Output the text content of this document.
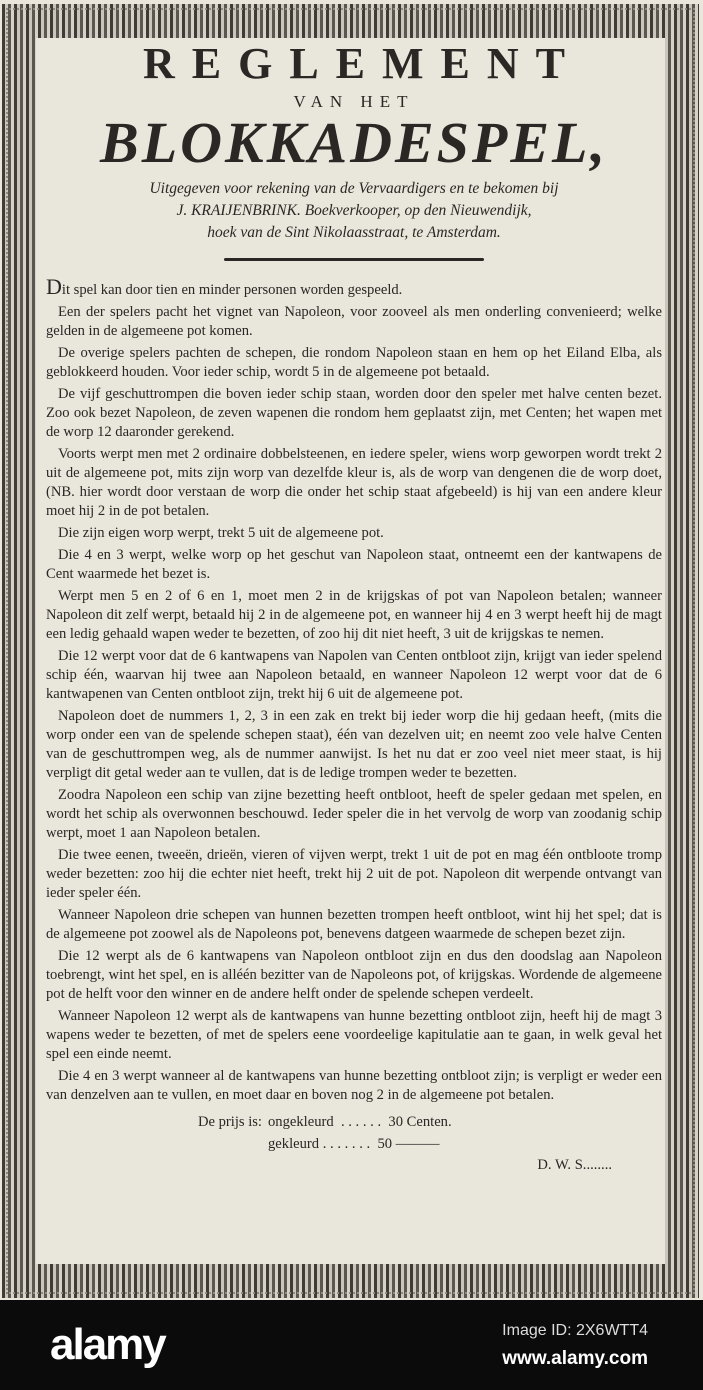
REGLEMENT
VAN HET
BLOKKADESPEL,
Uitgegeven voor rekening van de Vervaardigers en te bekomen bij
J. KRAIJENBRINK. Boekverkooper, op den Nieuwendijk,
hoek van de Sint Nikolaasstraat, te Amsterdam.

Dit spel kan door tien en minder personen worden gespeeld.

Een der spelers pacht het vignet van Napoleon, voor zooveel als men onderling convenieerd; welke gelden in de algemeene pot komen.

De overige spelers pachten de schepen, die rondom Napoleon staan en hem op het Eiland Elba, als geblokkeerd houden. Voor ieder schip, wordt 5 in de algemeene pot betaald.

De vijf geschuttrompen die boven ieder schip staan, worden door den speler met halve centen bezet. Zoo ook bezet Napoleon, de zeven wapenen die rondom hem geplaatst zijn, met Centen; het wapen met de worp 12 daaronder gerekend.

Voorts werpt men met 2 ordinaire dobbelsteenen, en iedere speler, wiens worp geworpen wordt trekt 2 uit de algemeene pot, mits zijn worp van dezelfde kleur is, als de worp van dengenen die de worp doet, (NB. hier wordt door verstaan de worp die onder het schip staat afgebeeld) is hij van een andere kleur moet hij 2 in de pot betalen.

Die zijn eigen worp werpt, trekt 5 uit de algemeene pot.

Die 4 en 3 werpt, welke worp op het geschut van Napoleon staat, ontneemt een der kantwapens de Cent waarmede het bezet is.

Werpt men 5 en 2 of 6 en 1, moet men 2 in de krijgskas of pot van Napoleon betalen; wanneer Napoleon dit zelf werpt, betaald hij 2 in de algemeene pot, en wanneer hij 4 en 3 werpt heeft hij de magt een ledig gehaald wapen weder te bezetten, of zoo hij dit niet heeft, 3 uit de krijgskas te nemen.

Die 12 werpt voor dat de 6 kantwapens van Napolen van Centen ontbloot zijn, krijgt van ieder spelend schip één, waarvan hij twee aan Napoleon betaald, en wanneer Napoleon 12 werpt voor dat de 6 kantwapenen van Centen ontbloot zijn, trekt hij 6 uit de algemeene pot.

Napoleon doet de nummers 1, 2, 3 in een zak en trekt bij ieder worp die hij gedaan heeft, (mits die worp onder een van de spelende schepen staat), één van dezelven uit; en neemt zoo vele halve Centen van de geschuttrompen weg, als de nummer aanwijst. Is het nu dat er zoo veel niet meer staat, is hij verpligt dit getal weder aan te vullen, dat is de ledige trompen weder te bezetten.

Zoodra Napoleon een schip van zijne bezetting heeft ontbloot, heeft de speler gedaan met spelen, en wordt het schip als overwonnen beschouwd. Ieder speler die in het vervolg de worp van zoodanig schip werpt, moet 1 aan Napoleon betalen.

Die twee eenen, tweeën, drieën, vieren of vijven werpt, trekt 1 uit de pot en mag één ontbloote tromp weder bezetten: zoo hij die echter niet heeft, trekt hij 2 uit de pot. Napoleon dit werpende ontvangt van ieder speler één.

Wanneer Napoleon drie schepen van hunnen bezetten trompen heeft ontbloot, wint hij het spel; dat is de algemeene pot zoowel als de Napoleons pot, benevens datgeen waarmede de schepen bezet zijn.

Die 12 werpt als de 6 kantwapens van Napoleon ontbloot zijn en dus den doodslag aan Napoleon toebrengt, wint het spel, en is alléén bezitter van de Napoleons pot, of krijgskas. Wordende de algemeene pot de helft voor den winner en de andere helft onder de spelende schepen verdeelt.

Wanneer Napoleon 12 werpt als de kantwapens van hunne bezetting ontbloot zijn, heeft hij de magt 3 wapens weder te bezetten, of met de spelers eene voordeelige kapitulatie aan te gaan, in welk geval het spel een einde neemt.

Die 4 en 3 werpt wanneer al de kantwapens van hunne bezetting ontbloot zijn; is verpligt er weder een van denzelven aan te vullen, en moet daar en boven nog 2 in de algemeene pot betalen.

De prijs is: ongekleurd
. . . . . .
30 Centen.
gekleurd
. . . . . . .
50 ———
D. W. S........
alamy	Image ID: 2X6WTT4
www.alamy.com
